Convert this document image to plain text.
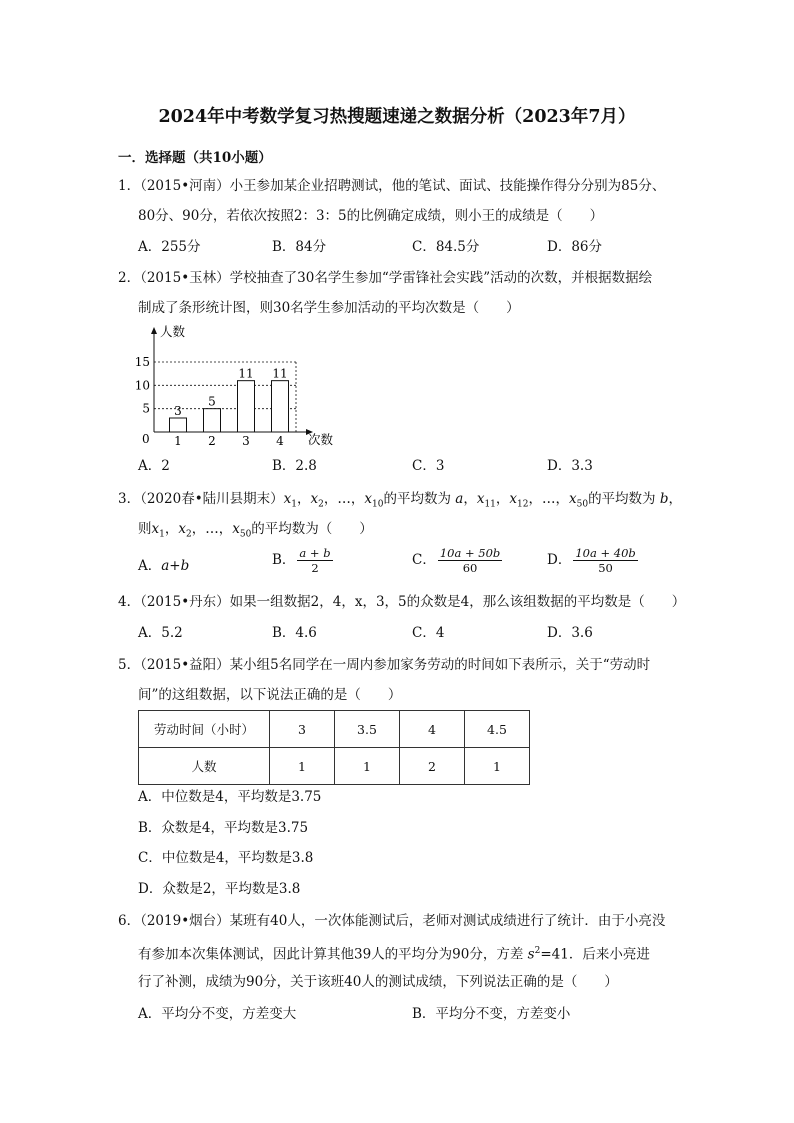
2024年中考数学复习热搜题速递之数据分析（2023年7月）
一．选择题（共10小题）
1．（2015•河南）小王参加某企业招聘测试，他的笔试、面试、技能操作得分分别为85分、
80分、90分，若依次按照2：3：5的比例确定成绩，则小王的成绩是（　　）
A．255分	B．84分	C．84.5分	D．86分
2．（2015•玉林）学校抽查了30名学生参加“学雷锋社会实践”活动的次数，并根据数据绘
制成了条形统计图，则30名学生参加活动的平均次数是（　　）
3
5
11 11
1 2 3 4
5
10
15
人数
次数
0
A．2	B．2.8	C．3	D．3.3
3．（2020春•陆川县期末）$x_1$，$x_2$，…，$x_{10}$的平均数为 a，$x_{11}$，$x_{12}$，…，$x_{50}$的平均数为 b，
则$x_1$，$x_2$，…，$x_{50}$的平均数为（　　）
A．a+b	B． $\frac{a + b}{2}$	C． $\frac{10a + 50b}{60}$	D． $\frac{10a + 40b}{50}$
4．（2015•丹东）如果一组数据2，4，x，3，5的众数是4，那么该组数据的平均数是（　　）
A．5.2	B．4.6	C．4	D．3.6
5．（2015•益阳）某小组5名同学在一周内参加家务劳动的时间如下表所示，关于“劳动时
间”的这组数据，以下说法正确的是（　　）
劳动时间（小时）	3	3.5	4	4.5
人数	1	1	2	1
A．中位数是4，平均数是3.75
B．众数是4，平均数是3.75
C．中位数是4，平均数是3.8
D．众数是2，平均数是3.8
6．（2019•烟台）某班有40人，一次体能测试后，老师对测试成绩进行了统计．由于小亮没
有参加本次集体测试，因此计算其他39人的平均分为90分，方差 $s^2=41$．后来小亮进
行了补测，成绩为90分，关于该班40人的测试成绩，下列说法正确的是（　　）
A．平均分不变，方差变大	B．平均分不变，方差变小
